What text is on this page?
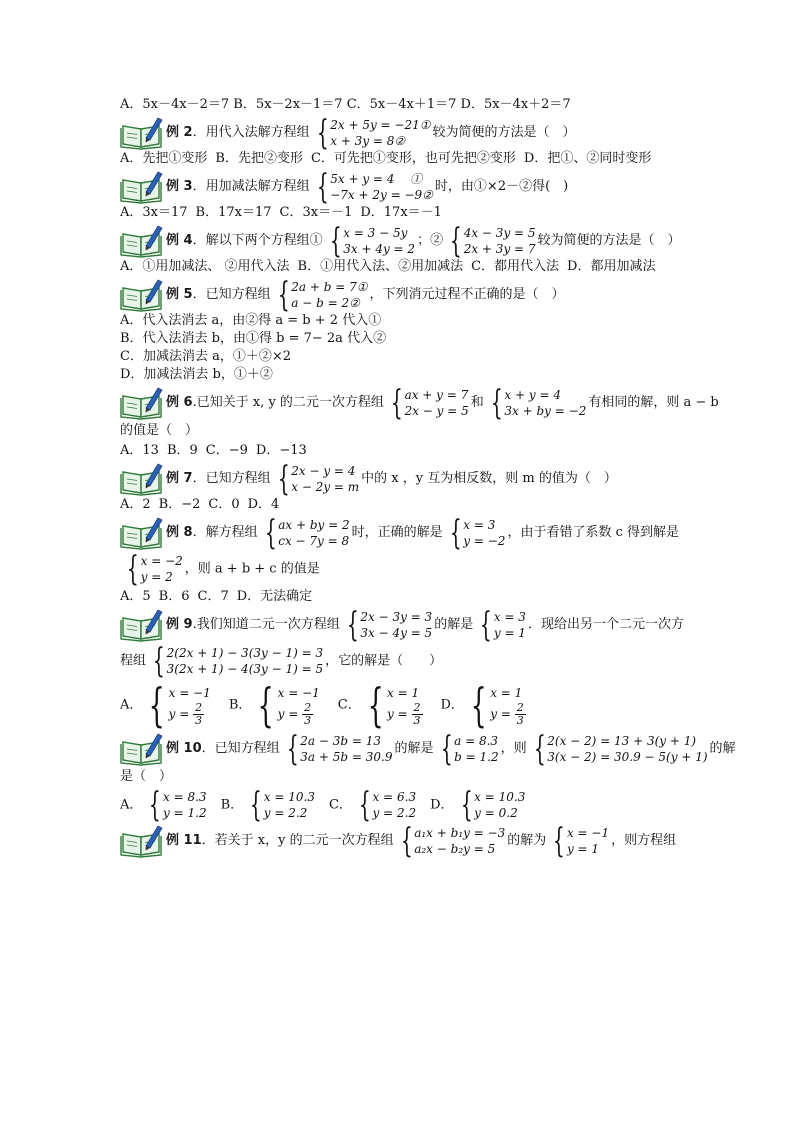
A．5x－4x－2＝7 B．5x－2x－1＝7 C．5x－4x＋1＝7 D．5x－4x＋2＝7
例 2 ．用代入法解方程组 { 2x + 5y = −21①
x + 3y = 8②
较为简便的方法是（　）
A．先把①变形 B．先把②变形 C．可先把①变形，也可先把②变形 D．把①、②同时变形
例 3 ．用加减法解方程组 { 5x + y = 4　 ①
−7x + 2y = −9②
时，由①×2－②得(　)
A．3x＝17 B．17x＝17 C．3x＝－1 D．17x＝－1
例 4 ．解以下两个方程组① { x = 3 − 5y
3x + 4y = 2
；② { 4x − 3y = 5
2x + 3y = 7
较为简便的方法是（　）
A．①用加减法、 ②用代入法 B．①用代入法、②用加减法 C．都用代入法 D．都用加减法
例 5 ．已知方程组 { 2a + b = 7①
a − b = 2②
，下列消元过程不正确的是（　）
A．代入法消去 a，由②得 a = b + 2 代入①
B．代入法消去 b，由①得 b = 7− 2a 代入②
C．加减法消去 a，①＋②×2
D．加减法消去 b，①＋②
例 6 .已知关于 x, y 的二元一次方程组 { ax + y = 7
2x − y = 5
和 { x + y = 4
3x + by = −2
有相同的解，则 a − b
的值是（　）
A．13 B．9 C．−9 D．−13
例 7 ．已知方程组 { 2x − y = 4
x − 2y = m
中的 x ，y 互为相反数，则 m 的值为（　）
A．2 B．−2 C．0 D．4
例 8 ．解方程组 { ax + by = 2
cx − 7y = 8
时，正确的解是 { x = 3
y = −2
，由于看错了系数 c 得到解是
{ x = −2
y = 2
，则 a + b + c 的值是
A．5 B．6 C．7 D．无法确定
例 9 .我们知道二元一次方程组 { 2x − 3y = 3
3x − 4y = 5
的解是 { x = 3
y = 1
．现给出另一个二元一次方
程组 { 2(2x + 1) − 3(3y − 1) = 3
3(2x + 1) − 4(3y − 1) = 5
，它的解是（　　）
A． { x = −1
$y = \frac{2}{3}$ B． { x = −1
$y = \frac{2}{3}$ C． { x = 1
$y = \frac{2}{3}$ D． { x = 1
$y = \frac{2}{3}$
例 10 ．已知方程组 { 2a − 3b = 13
3a + 5b = 30.9
的解是 { a = 8.3
b = 1.2
，则 { 2(x − 2) = 13 + 3(y + 1)
3(x − 2) = 30.9 − 5(y + 1)
的解
是（　）
A． { x = 8.3
y = 1.2
B． { x = 10.3
y = 2.2
C． { x = 6.3
y = 2.2
D． { x = 10.3
y = 0.2
例 11 ．若关于 x，y 的二元一次方程组 { a₁x + b₁y = −3
a₂x − b₂y = 5
的解为 { x = −1
y = 1
，则方程组
